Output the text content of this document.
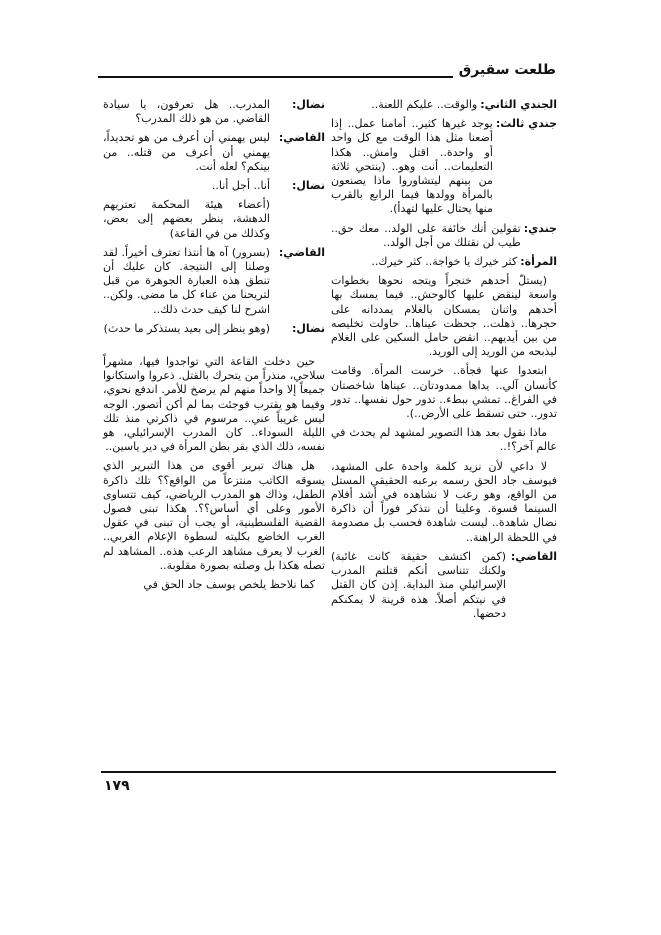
طلعت سقيرق
الجندي الثاني:
والوقت.. عليكم اللعنة..
جندي ثالث:
يوجد غيرها كثير.. أمامنا عمل.. إذا أضعنا مثل هذا الوقت مع كل واحد أو واحدة.. اقتل وامش.. هكذا التعليمات.. أنت وهو.. (ينتحي ثلاثة من بينهم ليتشاوروا ماذا يصنعون بالمرأة وولدها فيما الرابع بالقرب منها يحتال عليها لتهدأ).
جندي:
تقولين أنك خائفة على الولد.. معك حق.. طيب لن نقتلك من أجل الولد..
المرأة:
كثر خيرك يا خواجة.. كثر خيرك..

(يستلّ أحدهم خنجراً ويتجه نحوها بخطوات واسعة لينقض عليها كالوحش.. فيما يمسك بها أحدهم واثنان يمسكان بالغلام يمددانه على حجرها.. ذهلت.. جحظت عيناها.. حاولت تخليصه من بين أيديهم.. انقض حامل السكين على الغلام ليذبحه من الوريد إلى الوريد.

ابتعدوا عنها فجأة.. خرست المرأة. وقامت كأنسان آلي.. يداها ممدودتان.. عيناها شاخصتان في الفراغ.. تمشي ببطء.. تدور حول نفسها.. تدور تدور.. حتى تسقط على الأرض..).

ماذا نقول بعد هذا التصوير لمشهد لم يحدث في عالم آخر؟!..

لا داعي لأن نزيد كلمة واحدة على المشهد، فيوسف جاد الحق رسمه برعبه الحقيقي المستل من الواقع، وهو رعب لا نشاهده في أشد أفلام السينما قسوة. وعلينا أن نتذكر فوراً أن ذاكرة نضال شاهدة.. ليست شاهدة فحسب بل مصدومة في اللحظة الراهنة..

القاضي:
(كمن اكتشف حقيقة كانت غائبة) ولكنك تتناسى أنكم قتلتم المدرب الإسرائيلي منذ البداية. إذن كان القتل في نيتكم أصلاً. هذه قرينة لا يمكنكم دحضها.
نضال:
المدرب.. هل تعرفون، يا سيادة القاضي. من هو ذلك المدرب؟
القاضي:
ليس يهمني أن أعرف من هو تحديداً، يهمني أن أعرف من قتله.. من بينكم؟ لعله أنت.
نضال:
أنا.. أجل أنا..
(أعضاء هيئة المحكمة تعتريهم الدهشة، ينظر بعضهم إلى بعض، وكذلك من في القاعة)
القاضي:
(بسرور) آه ها أنتذا تعترف أخيراً. لقد وصلنا إلى النتيجة. كان عليك أن تنطق هذه العبارة الجوهرة من قبل لتريحنا من عناء كل ما مضى. ولكن.. اشرح لنا كيف حدث ذلك..
نضال:
(وهو ينظر إلى بعيد يستذكر ما حدث)

حين دخلت القاعة التي تواجدوا فيها، مشهراً سلاحي، منذراً من يتحرك بالقتل. ذعروا واستكانوا جميعاً إلا واحداً منهم لم يرضخ للأمر. اندفع نحوي، وفيما هو يقترب فوجئت بما لم أكن أتصور. الوجه ليس غريباً عني.. مرسوم في ذاكرتي منذ تلك الليلة السوداء.. كان المدرب الإسرائيلي، هو نفسه، ذلك الذي بقر بطن المرأة في دير ياسين..

هل هناك تبرير أقوى من هذا التبرير الذي يسوقه الكاتب منتزعاً من الواقع؟؟ تلك ذاكرة الطفل، وذاك هو المدرب الرياضي، كيف تتساوى الأمور وعلى أي أساس؟؟. هكذا تبنى فصول القضية الفلسطينية، أو يجب أن تبنى في عقول الغرب الخاضع بكليته لسطوة الإعلام الغربي.. الغرب لا يعرف مشاهد الرعب هذه.. المشاهد لم تصله هكذا بل وصلته بصورة مقلوبة..

كما نلاحظ يلخص يوسف جاد الحق في

١٧٩
